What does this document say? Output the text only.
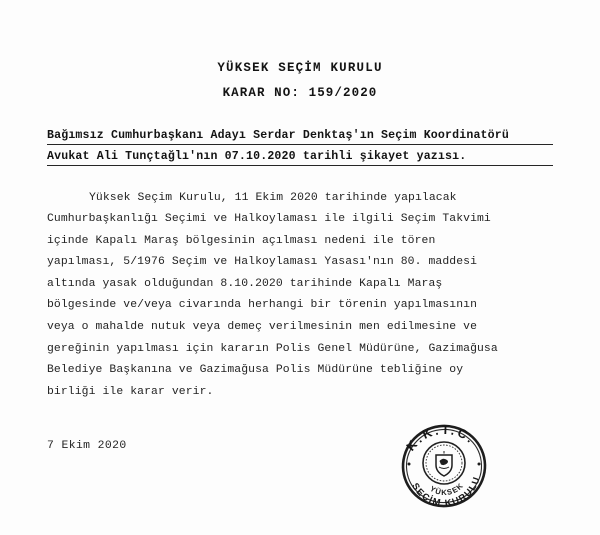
YÜKSEK SEÇİM KURULU
KARAR NO: 159/2020
Bağımsız Cumhurbaşkanı Adayı Serdar Denktaş'ın Seçim Koordinatörü
Avukat Ali Tunçtağlı'nın 07.10.2020 tarihli şikayet yazısı.
Yüksek Seçim Kurulu, 11 Ekim 2020 tarihinde yapılacak
Cumhurbaşkanlığı Seçimi ve Halkoylaması ile ilgili Seçim Takvimi
içinde Kapalı Maraş bölgesinin açılması nedeni ile tören
yapılması, 5/1976 Seçim ve Halkoylaması Yasası'nın 80. maddesi
altında yasak olduğundan 8.10.2020 tarihinde Kapalı Maraş
bölgesinde ve/veya civarında herhangi bir törenin yapılmasının
veya o mahalde nutuk veya demeç verilmesinin men edilmesine ve
gereğinin yapılması için kararın Polis Genel Müdürüne, Gazimağusa
Belediye Başkanına ve Gazimağusa Polis Müdürüne tebliğine oy
birliği ile karar verir.
7 Ekim 2020	K.K.T.C.
YÜKSEK
SEÇİM KURULU
